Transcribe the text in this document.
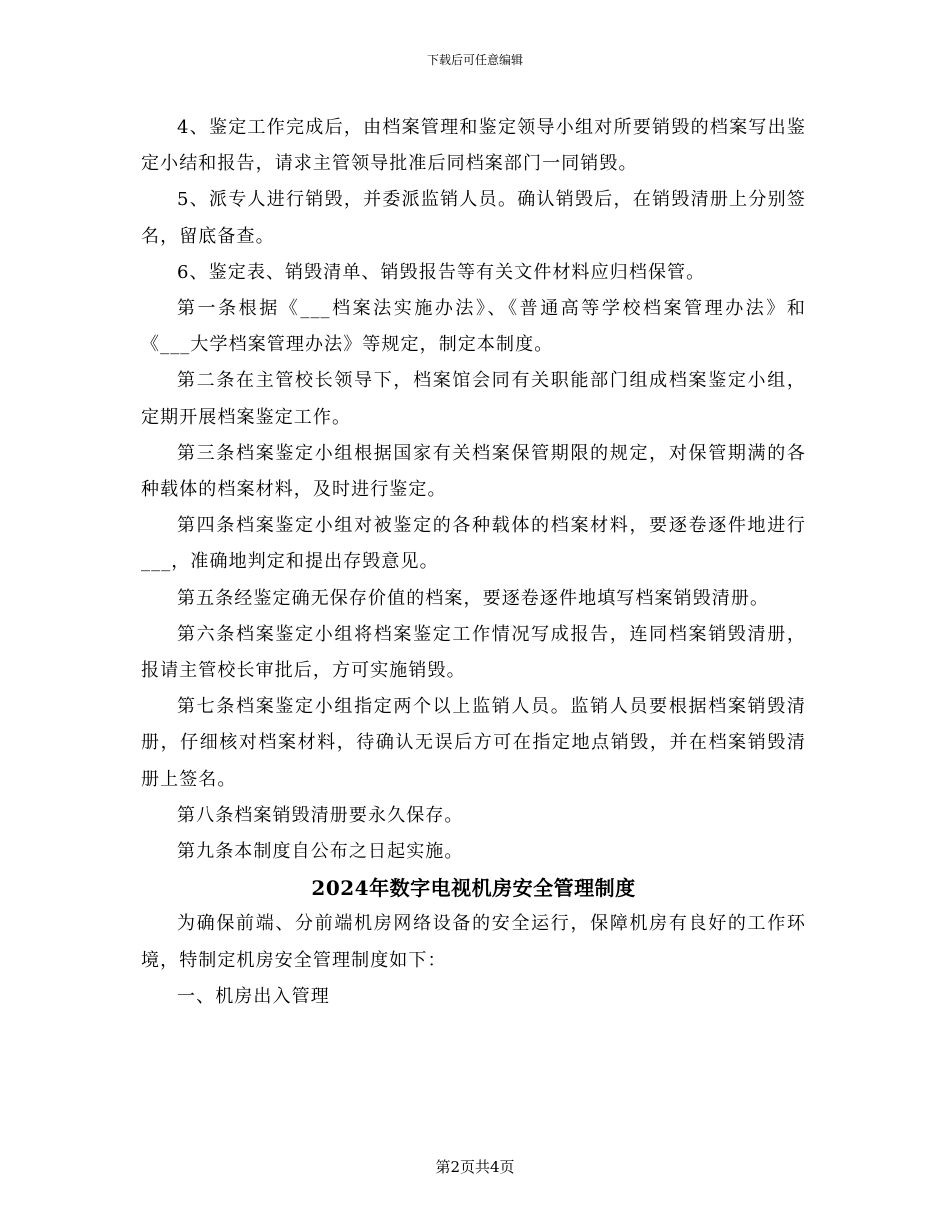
下载后可任意编辑

4、鉴定工作完成后，由档案管理和鉴定领导小组对所要销毁的档案写出鉴定小结和报告，请求主管领导批准后同档案部门一同销毁。

5、派专人进行销毁，并委派监销人员。确认销毁后，在销毁清册上分别签名，留底备查。

6、鉴定表、销毁清单、销毁报告等有关文件材料应归档保管。

第一条根据《___档案法实施办法》、《普通高等学校档案管理办法》和《___大学档案管理办法》等规定，制定本制度。

第二条在主管校长领导下，档案馆会同有关职能部门组成档案鉴定小组，定期开展档案鉴定工作。

第三条档案鉴定小组根据国家有关档案保管期限的规定，对保管期满的各种载体的档案材料，及时进行鉴定。

第四条档案鉴定小组对被鉴定的各种载体的档案材料，要逐卷逐件地进行___，准确地判定和提出存毁意见。

第五条经鉴定确无保存价值的档案，要逐卷逐件地填写档案销毁清册。

第六条档案鉴定小组将档案鉴定工作情况写成报告，连同档案销毁清册，报请主管校长审批后，方可实施销毁。

第七条档案鉴定小组指定两个以上监销人员。监销人员要根据档案销毁清册，仔细核对档案材料，待确认无误后方可在指定地点销毁，并在档案销毁清册上签名。

第八条档案销毁清册要永久保存。

第九条本制度自公布之日起实施。

2024年数字电视机房安全管理制度

为确保前端、分前端机房网络设备的安全运行，保障机房有良好的工作环境，特制定机房安全管理制度如下：

一、机房出入管理

第2页共4页
